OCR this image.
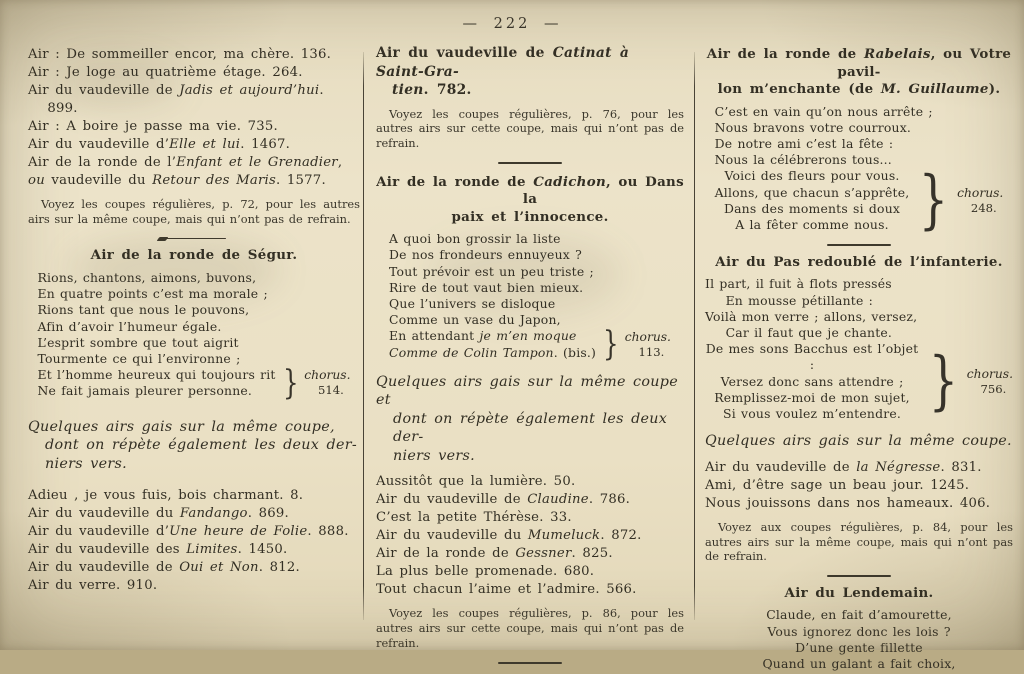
— 222 —
Air : De sommeiller encor, ma chère. 136.
Air : Je loge au quatrième étage. 264.
Air du vaudeville de Jadis et aujourd’hui.
899.
Air : A boire je passe ma vie. 735.
Air du vaudeville d’Elle et lui. 1467.
Air de la ronde de l’Enfant et le Grenadier,
ou vaudeville du Retour des Maris. 1577.

Voyez les coupes régulières, p. 72, pour les autres airs sur la même coupe, mais qui n’ont pas de refrain.

Air de la ronde de Ségur.
Rions, chantons, aimons, buvons,
En quatre points c’est ma morale ;
Rions tant que nous le pouvons,
Afin d’avoir l’humeur égale.
L’esprit sombre que tout aigrit
Tourmente ce qui l’environne ;
Et l’homme heureux qui toujours rit
Ne fait jamais pleurer personne. } chorus.
514.
Quelques airs gais sur la même coupe,
dont on répète également les deux der-
niers vers.
Adieu , je vous fuis, bois charmant. 8.
Air du vaudeville du Fandango. 869.
Air du vaudeville d’Une heure de Folie. 888.
Air du vaudeville des Limites. 1450.
Air du vaudeville de Oui et Non. 812.
Air du verre. 910.
Air du vaudeville de Catinat à Saint-Gra-
tien. 782.

Voyez les coupes régulières, p. 76, pour les autres airs sur cette coupe, mais qui n’ont pas de refrain.

Air de la ronde de Cadichon, ou Dans la
paix et l’innocence.
A quoi bon grossir la liste
De nos frondeurs ennuyeux ?
Tout prévoir est un peu triste ;
Rire de tout vaut bien mieux.
Que l’univers se disloque
Comme un vase du Japon,
En attendant je m’en moque
Comme de Colin Tampon. (bis.) } chorus.
113.
Quelques airs gais sur la même coupe et
dont on répète également les deux der-
niers vers.
Aussitôt que la lumière. 50.
Air du vaudeville de Claudine. 786.
C’est la petite Thérèse. 33.
Air du vaudeville du Mumeluck. 872.
Air de la ronde de Gessner. 825.
La plus belle promenade. 680.
Tout chacun l’aime et l’admire. 566.

Voyez les coupes régulières, p. 86, pour les autres airs sur cette coupe, mais qui n’ont pas de refrain.

Air de la ronde de Rabelais, ou Votre pavil-
lon m’enchante (de M. Guillaume).
C’est en vain qu’on nous arrête ;
Nous bravons votre courroux.
De notre ami c’est la fête :
Nous la célébrerons tous...
Voici des fleurs pour vous.
Allons, que chacun s’apprête,
Dans des moments si doux
A la fêter comme nous. } chorus.
248.
Air du Pas redoublé de l’infanterie.
Il part, il fuit à flots pressés
En mousse pétillante :
Voilà mon verre ; allons, versez,
Car il faut que je chante.
De mes sons Bacchus est l’objet :
Versez donc sans attendre ;
Remplissez-moi de mon sujet,
Si vous voulez m’entendre. } chorus.
756.
Quelques airs gais sur la même coupe.
Air du vaudeville de la Négresse. 831.
Ami, d’être sage un beau jour. 1245.
Nous jouissons dans nos hameaux. 406.

Voyez aux coupes régulières, p. 84, pour les autres airs sur la même coupe, mais qui n’ont pas de refrain.

Air du Lendemain.
Claude, en fait d’amourette,
Vous ignorez donc les lois ?
D’une gente fillette
Quand un galant a fait choix,
